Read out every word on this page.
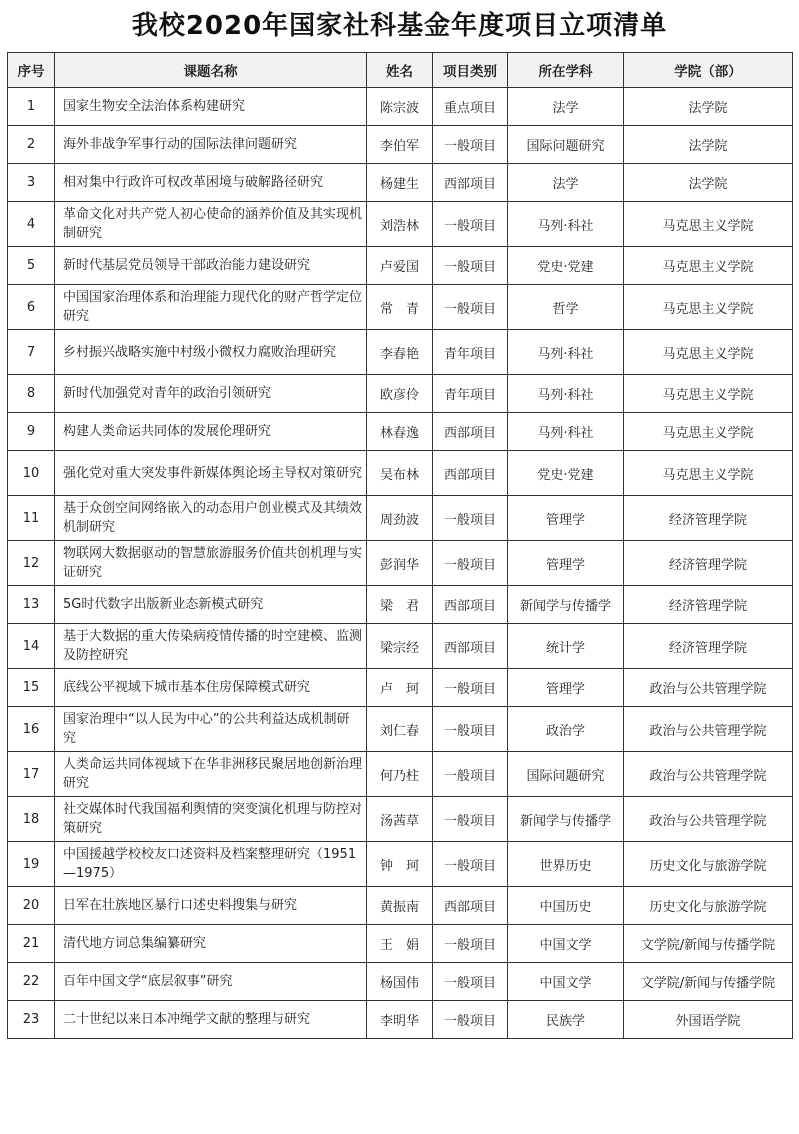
我校2020年国家社科基金年度项目立项清单
序号	课题名称	姓名	项目类别	所在学科	学院（部）
1	国家生物安全法治体系构建研究	陈宗波	重点项目	法学	法学院
2	海外非战争军事行动的国际法律问题研究	李伯军	一般项目	国际问题研究	法学院
3	相对集中行政许可权改革困境与破解路径研究	杨建生	西部项目	法学	法学院
4	革命文化对共产党人初心使命的涵养价值及其实现机制研究	刘浩林	一般项目	马列·科社	马克思主义学院
5	新时代基层党员领导干部政治能力建设研究	卢爱国	一般项目	党史·党建	马克思主义学院
6	中国国家治理体系和治理能力现代化的财产哲学定位研究	常　青	一般项目	哲学	马克思主义学院
7	乡村振兴战略实施中村级小微权力腐败治理研究	李春艳	青年项目	马列·科社	马克思主义学院
8	新时代加强党对青年的政治引领研究	欧彦伶	青年项目	马列·科社	马克思主义学院
9	构建人类命运共同体的发展伦理研究	林春逸	西部项目	马列·科社	马克思主义学院
10	强化党对重大突发事件新媒体舆论场主导权对策研究	吴布林	西部项目	党史·党建	马克思主义学院
11	基于众创空间网络嵌入的动态用户创业模式及其绩效机制研究	周劲波	一般项目	管理学	经济管理学院
12	物联网大数据驱动的智慧旅游服务价值共创机理与实证研究	彭润华	一般项目	管理学	经济管理学院
13	5G时代数字出版新业态新模式研究	梁　君	西部项目	新闻学与传播学	经济管理学院
14	基于大数据的重大传染病疫情传播的时空建模、监测及防控研究	梁宗经	西部项目	统计学	经济管理学院
15	底线公平视域下城市基本住房保障模式研究	卢　珂	一般项目	管理学	政治与公共管理学院
16	国家治理中“以人民为中心”的公共利益达成机制研究	刘仁春	一般项目	政治学	政治与公共管理学院
17	人类命运共同体视域下在华非洲移民聚居地创新治理研究	何乃柱	一般项目	国际问题研究	政治与公共管理学院
18	社交媒体时代我国福利舆情的突变演化机理与防控对策研究	汤茜草	一般项目	新闻学与传播学	政治与公共管理学院
19	中国援越学校校友口述资料及档案整理研究（1951—1975）	钟　珂	一般项目	世界历史	历史文化与旅游学院
20	日军在壮族地区暴行口述史料搜集与研究	黄振南	西部项目	中国历史	历史文化与旅游学院
21	清代地方词总集编纂研究	王　娟	一般项目	中国文学	文学院/新闻与传播学院
22	百年中国文学“底层叙事”研究	杨国伟	一般项目	中国文学	文学院/新闻与传播学院
23	二十世纪以来日本冲绳学文献的整理与研究	李明华	一般项目	民族学	外国语学院
